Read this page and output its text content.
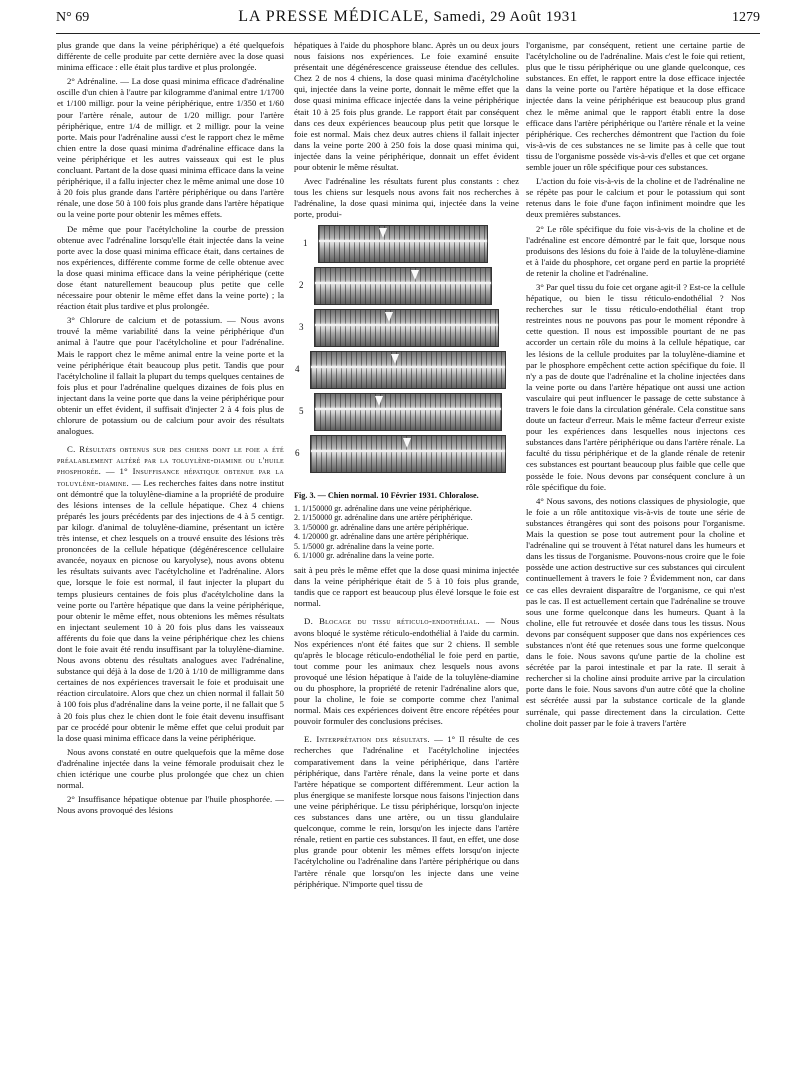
N° 69	LA PRESSE MÉDICALE, Samedi, 29 Août 1931	1279

plus grande que dans la veine périphérique) a été quelquefois différente de celle produite par cette dernière avec la dose quasi minima efficace : elle était plus tardive et plus prolongée.

2° Adrénaline. — La dose quasi minima efficace d'adrénaline oscille d'un chien à l'autre par kilogramme d'animal entre 1/1700 et 1/100 milligr. pour la veine périphérique, entre 1/350 et 1/60 pour l'artère rénale, autour de 1/20 milligr. pour l'artère périphérique, entre 1/4 de milligr. et 2 milligr. pour la veine porte. Mais pour l'adrénaline aussi c'est le rapport chez le même chien entre la dose quasi minima d'adrénaline efficace dans la veine périphérique et les autres vaisseaux qui est le plus concluant. Partant de la dose quasi minima efficace dans la veine périphérique, il a fallu injecter chez le même animal une dose 10 à 20 fois plus grande dans l'artère périphérique ou dans l'artère rénale, une dose 50 à 100 fois plus grande dans l'artère hépatique ou la veine porte pour obtenir les mêmes effets.

De même que pour l'acétylcholine la courbe de pression obtenue avec l'adrénaline lorsqu'elle était injectée dans la veine porte avec la dose quasi minima efficace était, dans certaines de nos expériences, différente comme forme de celle obtenue avec la dose quasi minima efficace dans la veine périphérique (cette dose étant naturellement beaucoup plus petite que celle nécessaire pour obtenir le même effet dans la veine porte) ; la réaction était plus tardive et plus prolongée.

3° Chlorure de calcium et de potassium. — Nous avons trouvé la même variabilité dans la veine périphérique d'un animal à l'autre que pour l'acétylcholine et pour l'adrénaline. Mais le rapport chez le même animal entre la veine porte et la veine périphérique était beaucoup plus petit. Tandis que pour l'acétylcholine il fallait la plupart du temps quelques centaines de fois plus et pour l'adrénaline quelques dizaines de fois plus en injectant dans la veine porte que dans la veine périphérique pour obtenir un effet évident, il suffisait d'injecter 2 à 4 fois plus de chlorure de potassium ou de calcium pour avoir des résultats analogues.

C. Résultats obtenus sur des chiens dont le foie a été préalablement altéré par la toluylène-diamine ou l'huile phosphorée. — 1° Insuffisance hépatique obtenue par la toluylène-diamine. — Les recherches faites dans notre institut ont démontré que la toluylène-diamine a la propriété de produire des lésions intenses de la cellule hépatique. Chez 4 chiens préparés les jours précédents par des injections de 4 à 5 centigr. par kilogr. d'animal de toluylène-diamine, présentant un ictère très intense, et chez lesquels on a trouvé ensuite des lésions très prononcées de la cellule hépatique (dégénérescence cellulaire avancée, noyaux en picnose ou karyolyse), nous avons obtenu les résultats suivants avec l'acétylcholine et l'adrénaline. Alors que, lorsque le foie est normal, il faut injecter la plupart du temps plusieurs centaines de fois plus d'acétylcholine dans la veine porte ou l'artère hépatique que dans la veine périphérique, pour obtenir le même effet, nous obtenions les mêmes résultats en injectant seulement 10 à 20 fois plus dans les vaisseaux afférents du foie que dans la veine périphérique chez les chiens dont le foie avait été rendu insuffisant par la toluylène-diamine. Nous avons obtenu des résultats analogues avec l'adrénaline, substance qui déjà à la dose de 1/20 à 1/10 de milligramme dans certaines de nos expériences traversait le foie et produisait une réaction circulatoire. Alors que chez un chien normal il fallait 50 à 100 fois plus d'adrénaline dans la veine porte, il ne fallait que 5 à 20 fois plus chez le chien dont le foie était devenu insuffisant par ce procédé pour obtenir le même effet que celui produit par la dose quasi minima efficace dans la veine périphérique.

Nous avons constaté en outre quelquefois que la même dose d'adrénaline injectée dans la veine fémorale produisait chez le chien ictérique une courbe plus prolongée que chez un chien normal.

2° Insuffisance hépatique obtenue par l'huile phosphorée. — Nous avons provoqué des lésions

hépatiques à l'aide du phosphore blanc. Après un ou deux jours nous faisions nos expériences. Le foie examiné ensuite présentait une dégénérescence graisseuse étendue des cellules. Chez 2 de nos 4 chiens, la dose quasi minima d'acétylcholine qui, injectée dans la veine porte, donnait le même effet que la dose quasi minima efficace injectée dans la veine périphérique était 10 à 25 fois plus grande. Le rapport était par conséquent dans ces deux expériences beaucoup plus petit que lorsque le foie est normal. Mais chez deux autres chiens il fallait injecter dans la veine porte 200 à 250 fois la dose quasi minima qui, injectée dans la veine périphérique, donnait un effet évident pour obtenir le même résultat.

Avec l'adrénaline les résultats furent plus constants : chez tous les chiens sur lesquels nous avons fait nos recherches à l'adrénaline, la dose quasi minima qui, injectée dans la veine porte, produi-

1
2
3
4
5
6

Fig. 3. — Chien normal. 10 Février 1931. Chloralose.

1. 1/150000 gr. adrénaline dans une veine périphérique.
2. 1/150000 gr. adrénaline dans une artère périphérique.
3. 1/50000 gr. adrénaline dans une artère périphérique.
4. 1/20000 gr. adrénaline dans une artère périphérique.
5. 1/5000 gr. adrénaline dans la veine porte.
6. 1/1000 gr. adrénaline dans la veine porte.

sait à peu près le même effet que la dose quasi minima injectée dans la veine périphérique était de 5 à 10 fois plus grande, tandis que ce rapport est beaucoup plus élevé lorsque le foie est normal.

D. Blocage du tissu réticulo-endothélial. — Nous avons bloqué le système réticulo-endothélial à l'aide du carmin. Nos expériences n'ont été faites que sur 2 chiens. Il semble qu'après le blocage réticulo-endothélial le foie perd en partie, tout comme pour les animaux chez lesquels nous avons provoqué une lésion hépatique à l'aide de la toluylène-diamine ou du phosphore, la propriété de retenir l'adrénaline alors que, pour la choline, le foie se comporte comme chez l'animal normal. Mais ces expériences doivent être encore répétées pour pouvoir formuler des conclusions précises.

E. Interprétation des résultats. — 1° Il résulte de ces recherches que l'adrénaline et l'acétylcholine injectées comparativement dans la veine périphérique, dans l'artère périphérique, dans l'artère rénale, dans la veine porte et dans l'artère hépatique se comportent différemment. Leur action la plus énergique se manifeste lorsque nous faisons l'injection dans une veine périphérique. Le tissu périphérique, lorsqu'on injecte ces substances dans une artère, ou un tissu glandulaire quelconque, comme le rein, lorsqu'on les injecte dans l'artère rénale, retient en partie ces substances. Il faut, en effet, une dose plus grande pour obtenir les mêmes effets lorsqu'on injecte l'acétylcholine ou l'adrénaline dans l'artère périphérique ou dans l'artère rénale que lorsqu'on les injecte dans une veine périphérique. N'importe quel tissu de

l'organisme, par conséquent, retient une certaine partie de l'acétylcholine ou de l'adrénaline. Mais c'est le foie qui retient, plus que le tissu périphérique ou une glande quelconque, ces substances. En effet, le rapport entre la dose efficace injectée dans la veine porte ou l'artère hépatique et la dose efficace injectée dans la veine périphérique est beaucoup plus grand chez le même animal que le rapport établi entre la dose efficace dans l'artère périphérique ou l'artère rénale et la veine périphérique. Ces recherches démontrent que l'action du foie vis-à-vis de ces substances ne se limite pas à celle que tout tissu de l'organisme possède vis-à-vis d'elles et que cet organe semble jouer un rôle spécifique pour ces substances.

L'action du foie vis-à-vis de la choline et de l'adrénaline ne se répète pas pour le calcium et pour le potassium qui sont retenus dans le foie d'une façon infiniment moindre que les deux premières substances.

2° Le rôle spécifique du foie vis-à-vis de la choline et de l'adrénaline est encore démontré par le fait que, lorsque nous produisons des lésions du foie à l'aide de la toluylène-diamine et à l'aide du phosphore, cet organe perd en partie la propriété de retenir la choline et l'adrénaline.

3° Par quel tissu du foie cet organe agit-il ? Est-ce la cellule hépatique, ou bien le tissu réticulo-endothélial ? Nos recherches sur le tissu réticulo-endothélial étant trop restreintes nous ne pouvons pas pour le moment répondre à cette question. Il nous est impossible pourtant de ne pas accorder un certain rôle du moins à la cellule hépatique, car les lésions de la cellule produites par la toluylène-diamine et par le phosphore empêchent cette action spécifique du foie. Il n'y a pas de doute que l'adrénaline et la choline injectées dans la veine porte ou dans l'artère hépatique ont aussi une action vasculaire qui peut influencer le passage de cette substance à travers le foie dans la circulation générale. Cela constitue sans doute un facteur d'erreur. Mais le même facteur d'erreur existe pour les expériences dans lesquelles nous injectons ces substances dans l'artère périphérique ou dans l'artère rénale. La faculté du tissu périphérique et de la glande rénale de retenir ces substances est pourtant beaucoup plus faible que celle que possède le foie. Nous devons par conséquent conclure à un rôle spécifique du foie.

4° Nous savons, des notions classiques de physiologie, que le foie a un rôle antitoxique vis-à-vis de toute une série de substances étrangères qui sont des poisons pour l'organisme. Mais la question se pose tout autrement pour la choline et l'adrénaline qui se trouvent à l'état naturel dans les humeurs et dans les tissus de l'organisme. Pouvons-nous croire que le foie possède une action destructive sur ces substances qui circulent continuellement à travers le foie ? Évidemment non, car dans ce cas elles devraient disparaître de l'organisme, ce qui n'est pas le cas. Il est actuellement certain que l'adrénaline se trouve sous une forme quelconque dans les humeurs. Quant à la choline, elle fut retrouvée et dosée dans tous les tissus. Nous devons par conséquent supposer que dans nos expériences ces substances n'ont été que retenues sous une forme quelconque dans le foie. Nous savons qu'une partie de la choline est sécrétée par la paroi intestinale et par la rate. Il serait à rechercher si la choline ainsi produite arrive par la circulation porte dans le foie. Nous savons d'un autre côté que la choline est sécrétée aussi par la substance corticale de la glande surrénale, qui passe directement dans la circulation. Cette choline doit passer par le foie à travers l'artère
